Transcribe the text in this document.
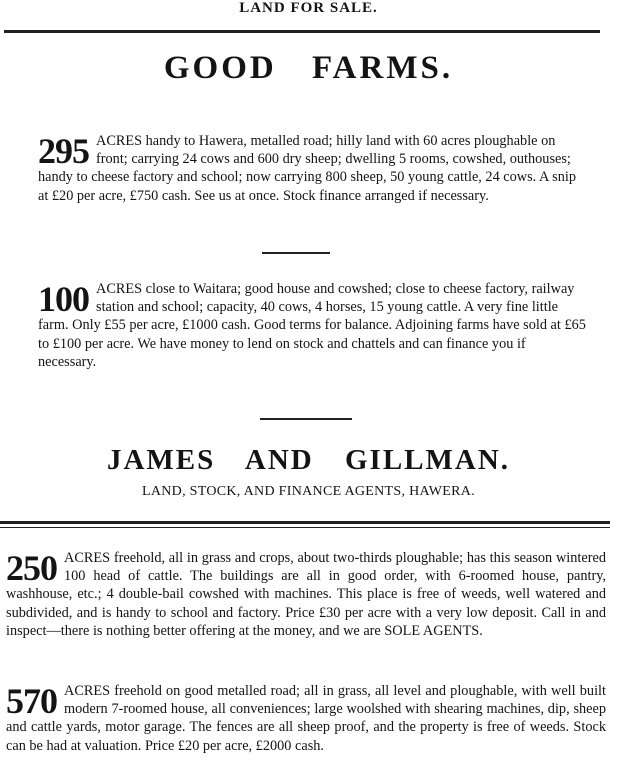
LAND FOR SALE.
GOOD FARMS.
295 ACRES handy to Hawera, metalled road; hilly land with 60 acres ploughable on front; carrying 24 cows and 600 dry sheep; dwelling 5 rooms, cowshed, outhouses; handy to cheese factory and school; now carrying 800 sheep, 50 young cattle, 24 cows. A snip at £20 per acre, £750 cash. See us at once. Stock finance arranged if necessary.

100 ACRES close to Waitara; good house and cowshed; close to cheese factory, railway station and school; capacity, 40 cows, 4 horses, 15 young cattle. A very fine little farm. Only £55 per acre, £1000 cash. Good terms for balance. Adjoining farms have sold at £65 to £100 per acre. We have money to lend on stock and chattels and can finance you if necessary.

JAMES AND GILLMAN.
LAND, STOCK, AND FINANCE AGENTS, HAWERA.
250 ACRES freehold, all in grass and crops, about two-thirds ploughable; has this season wintered 100 head of cattle. The buildings are all in good order, with 6-roomed house, pantry, washhouse, etc.; 4 double-bail cowshed with machines. This place is free of weeds, well watered and subdivided, and is handy to school and factory. Price £30 per acre with a very low deposit. Call in and inspect—there is nothing better offering at the money, and we are SOLE AGENTS.

570 ACRES freehold on good metalled road; all in grass, all level and ploughable, with well built modern 7-roomed house, all conveniences; large woolshed with shearing machines, dip, sheep and cattle yards, motor garage. The fences are all sheep proof, and the property is free of weeds. Stock can be had at valuation. Price £20 per acre, £2000 cash.
